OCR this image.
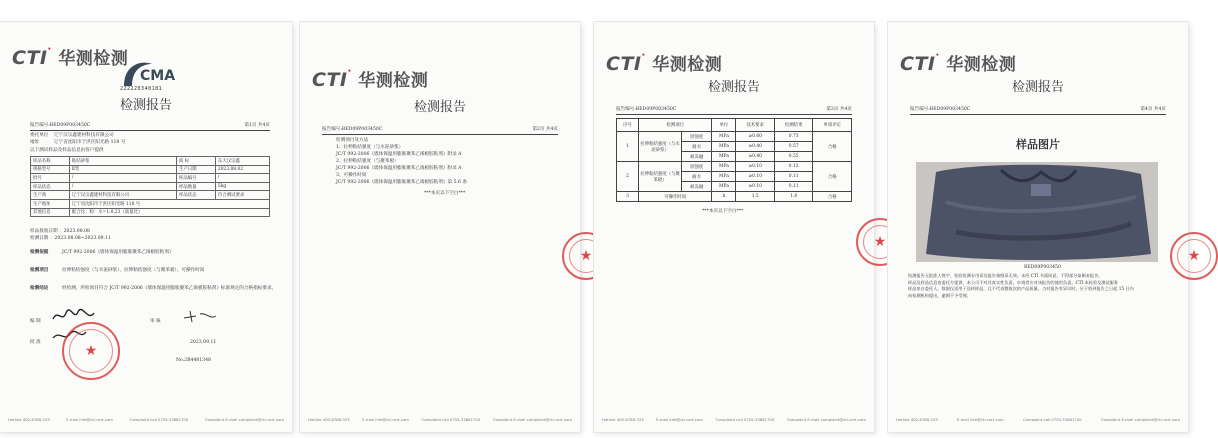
CTI· 华测检测
CMA
222220340181
检测报告
报告编号:BED09P003450C	第1页 共4页
委托单位 辽宁汉宗鑫建材科技有限公司
地址	辽宁省沈阳市于洪区阳光路 118 号
以下测试样品及样品信息由客户提供
样品名称	粘结砂浆	商 标	东大汉宗鑫
规格型号	Ⅱ型	生产日期	2023.08.02
批号	/	样品编号	/
样品状态	/	样品数量	5kg
生产商	辽宁汉宗鑫建材科技有限公司	样品状态	符合测试要求
生产地址	辽宁省沈阳市于洪区阳光路 118 号		
其他信息	配合比：粉：水=1:0.23（质量比）		
样品接收日期 ：2023.08.08
检测日期 ：2023.08.08~2023.09.11
检测依据	JC/T 992-2006《墙体保温用膨胀聚苯乙烯板胶粘剂》
检测项目	拉伸粘结强度（与水泥砂浆）、拉伸粘结强度（与聚苯板）、可操作时间
检测结论	经检测，所检项目符合 JC/T 992-2006《墙体保温用膨胀聚苯乙烯板胶粘剂》标准规定的合格指标要求。
编 制	审 核
批 准	2023.09.11
No.2B4481348
★
Hotline 400-6788-333	E-mail info@cti-cert.com	Complaint call 0755-33681700	Complaint E-mail complaint@cti-cert.com
CTI· 华测检测
检测报告
报告编号:BED09P003450C	第2页 共4页
检测项目及方法
1、拉伸粘结强度（与水泥砂浆）
JC/T 992-2006《墙体保温用膨胀聚苯乙烯板胶粘剂》附录 A
2、拉伸粘结强度（与聚苯板）
JC/T 992-2006《墙体保温用膨胀聚苯乙烯板胶粘剂》附录 A
3、可操作时间
JC/T 992-2006《墙体保温用膨胀聚苯乙烯板胶粘剂》第 5.6 条
***本页以下空白***
★
Hotline 400-6788-333	E-mail info@cti-cert.com	Complaint call 0755-33681700	Complaint E-mail complaint@cti-cert.com
CTI· 华测检测
检测报告
报告编号:BED09P003450C	第3页 共4页
序号	检测项目		单位	技术要求	检测结果	单项评定
1	拉伸粘结强度（与水泥砂浆）	原强度	MPa	≥0.60	0.73	合格
		耐水	MPa	≥0.40	0.57	
		耐冻融	MPa	≥0.40	0.55	
2	拉伸粘结强度（与聚苯板）	原强度	MPa	≥0.10	0.13	合格
		耐水	MPa	≥0.10	0.11	
		耐冻融	MPa	≥0.10	0.11	
3	可操作时间		h	1.5	1.8	合格
***本页以下空白***
★
Hotline 400-6788-333	E-mail info@cti-cert.com	Complaint call 0755-33681700	Complaint E-mail complaint@cti-cert.com
CTI· 华测检测
检测报告
报告编号:BED09P003450C	第4页 共4页
样品图片
BED09P003450
检测报告无批准人签字、检验检测专用章及报告骑缝章无效。未经 CTI 书面同意，不得部分复制本报告。
样品及样品信息由委托方提供，本公司不对其真实性负责。申请者应对该报告的使用负责。CTI 本检验及测试服务
样品来自委托人，数据仅适用于送样样品，且不代表整批次的产品质量。当对报告有异议时，应于收到报告之日起 15 日内
向检测机构提出，逾期不予受理。
★
Hotline 400-6788-333	E-mail info@cti-cert.com	Complaint call 0755-33681700	Complaint E-mail complaint@cti-cert.com
